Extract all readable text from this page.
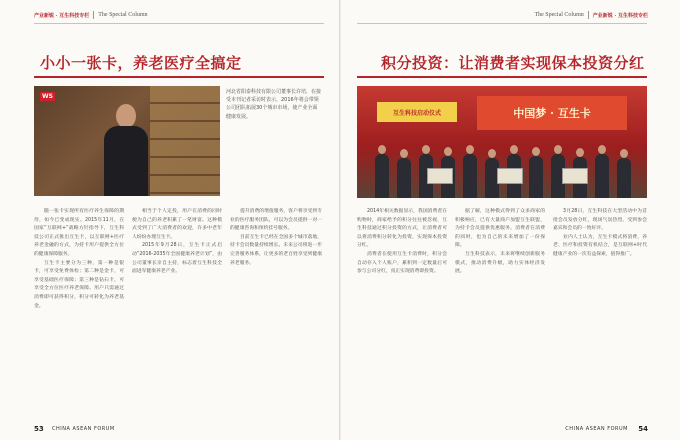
产业新锐 · 互生科技专栏 The Special Column
小小一张卡，养老医疗全搞定
WS
河北省阳泰科技有限公司董事长许培，在接受本刊记者采访时表示，2016年将会带领公司团队拓展30个城市市场，使产业全面健康发展。

随一张卡实现所有医疗养生保障的期待，如今已变成现实。2015年11月，在国家“互联网+”战略方针指导下，互生科技公司正式推出互生卡，以互联网+医疗养老金融的方式，为持卡用户提供全方位的健康保障服务。

互生卡主要分为三种，第一种是银卡，可享受免费体检；第二种是金卡，可享受基础医疗保障；第三种是钻石卡，可享受全方位医疗养老保障。用户只需通过消费即可获得积分，积分可转化为养老基金。

相当于个人定投，用户在消费的同时便为自己的养老积累了一笔财富。这种模式受到了广大消费者的欢迎，许多中老年人纷纷办理互生卡。

2015年9月28日，互生卡正式启动“2016-2035年全国健康养老计划”，由公司董事长亲自主持，标志着互生科技全面进军健康养老产业。

提升消费的增值服务，客户将享受到专业的医疗服务团队，可以为会员提供一对一的健康咨询和预约挂号服务。

目前互生卡已经在全国多个城市落地，持卡会员数量持续增长。未来公司将进一步完善服务体系，让更多的老百姓享受到健康养老服务。

53 CHINA ASEAN FORUM
The Special Column 产业新锐 · 互生科技专栏
积分投资：让消费者实现保本投资分红
互生科技启动仪式	中国梦 · 互生卡

2014年相关数据显示，我国消费者在购物时，商家给予的积分往往被忽视，互生科技通过积分投资的方式，让消费者可以将消费积分转化为投资，实现保本投资分红。

消费者在使用互生卡消费时，积分会自动存入个人账户，累积到一定数量后可参与公司分红，真正实现消费即投资。

据了解，这种模式得到了众多商家的积极响应，已有大量商户加盟互生联盟，为持卡会员提供优惠服务。消费者在消费的同时，也为自己的未来增加了一份保障。

互生科技表示，未来将继续创新服务模式，推动消费升级，助力实体经济发展。

3月28日，互生科技在大型活动中为首批会员发放分红，现场气氛热烈，受到参会嘉宾和会员的一致好评。

业内人士认为，互生卡模式将消费、养老、医疗和投资有机结合，是互联网+时代健康产业的一次有益探索，值得推广。

CHINA ASEAN FORUM 54
